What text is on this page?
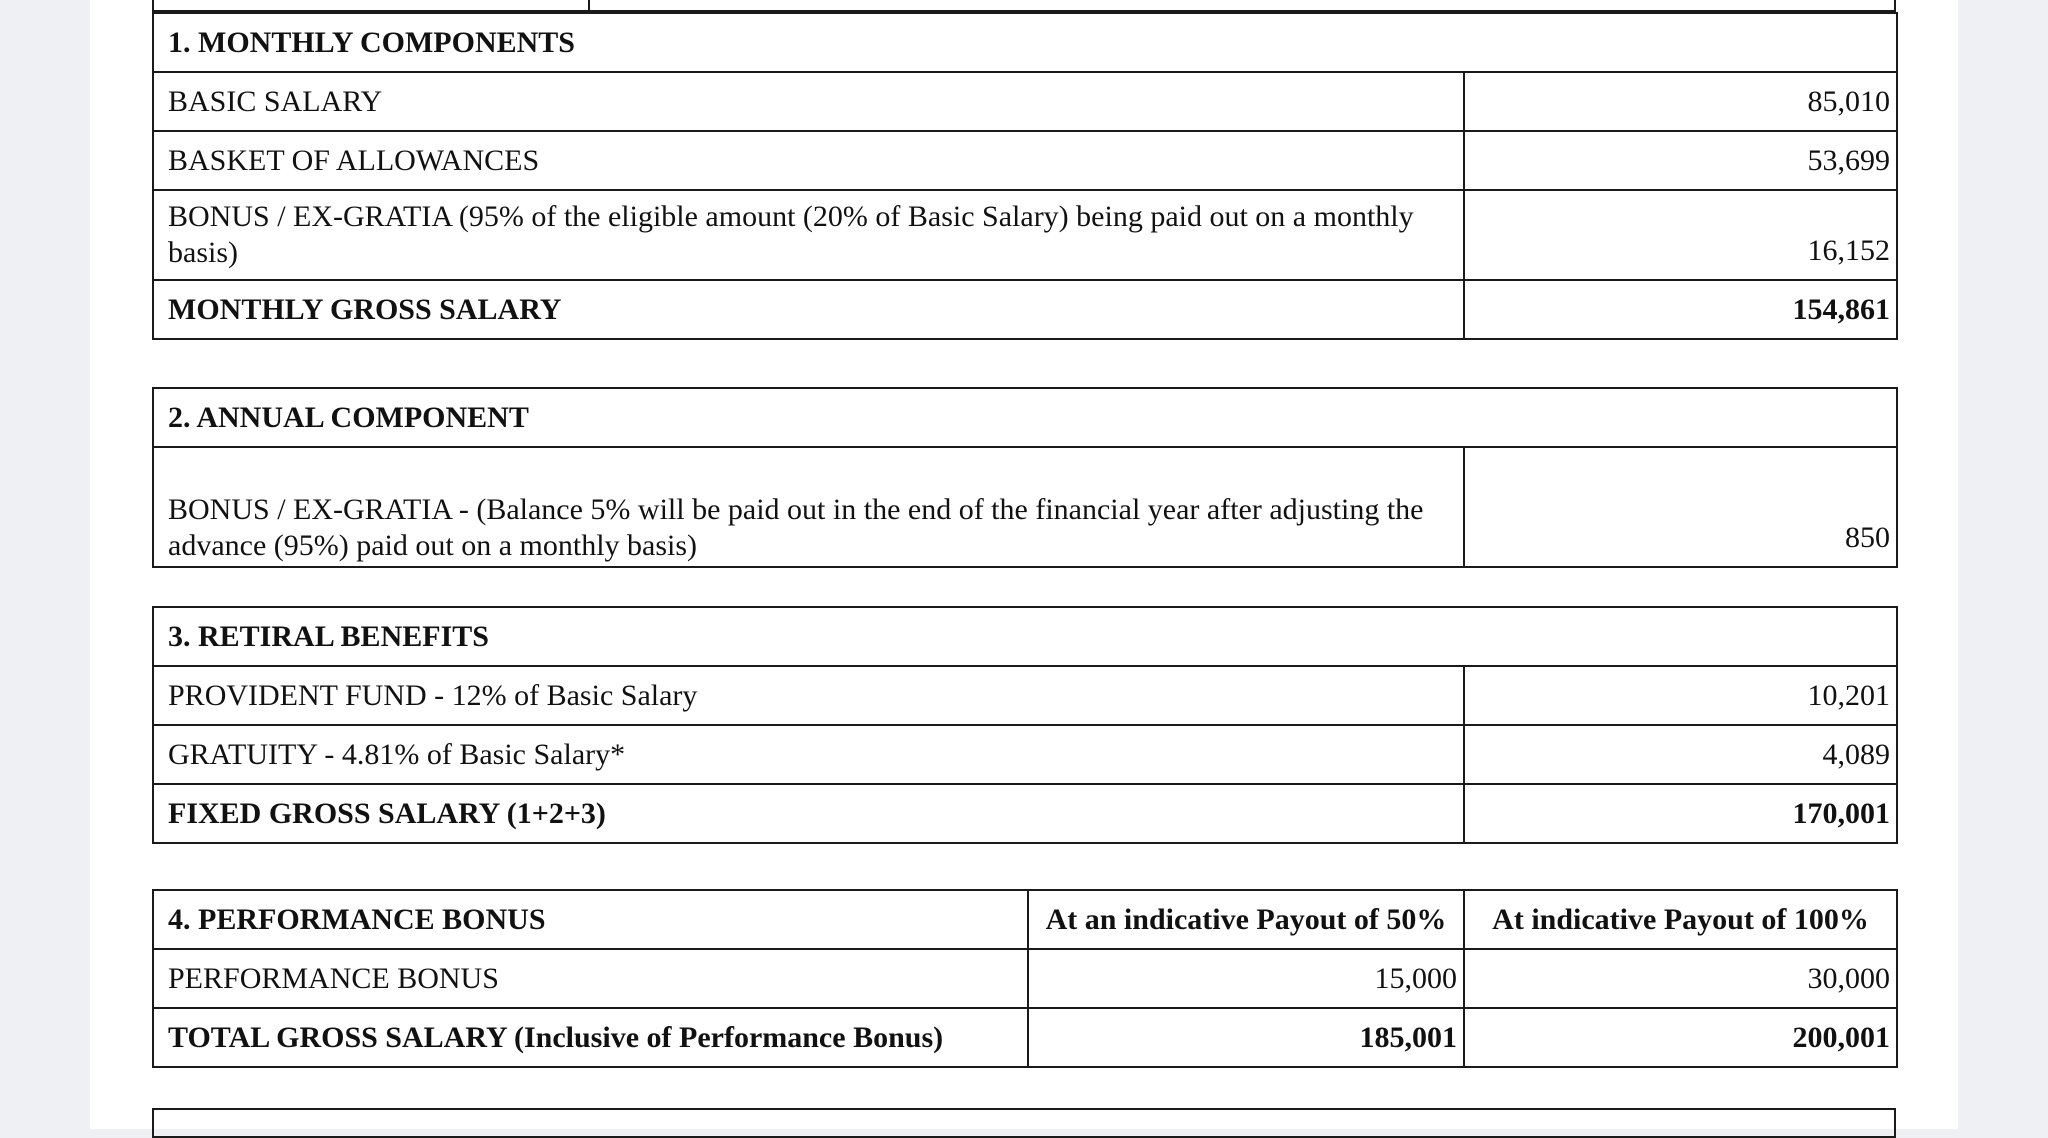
1. MONTHLY COMPONENTS	
BASIC SALARY	85,010
BASKET OF ALLOWANCES	53,699
BONUS / EX-GRATIA (95% of the eligible amount (20% of Basic Salary) being paid out on a monthly basis)	16,152
MONTHLY GROSS SALARY	154,861
2. ANNUAL COMPONENT
BONUS / EX-GRATIA - (Balance 5% will be paid out in the end of the financial year after adjusting the advance (95%) paid out on a monthly basis)	850
3. RETIRAL BENEFITS	
PROVIDENT FUND - 12% of Basic Salary	10,201
GRATUITY - 4.81% of Basic Salary*	4,089
FIXED GROSS SALARY (1+2+3)	170,001
4. PERFORMANCE BONUS	At an indicative Payout of 50%	At indicative Payout of 100%
PERFORMANCE BONUS	15,000	30,000
TOTAL GROSS SALARY (Inclusive of Performance Bonus)	185,001	200,001
